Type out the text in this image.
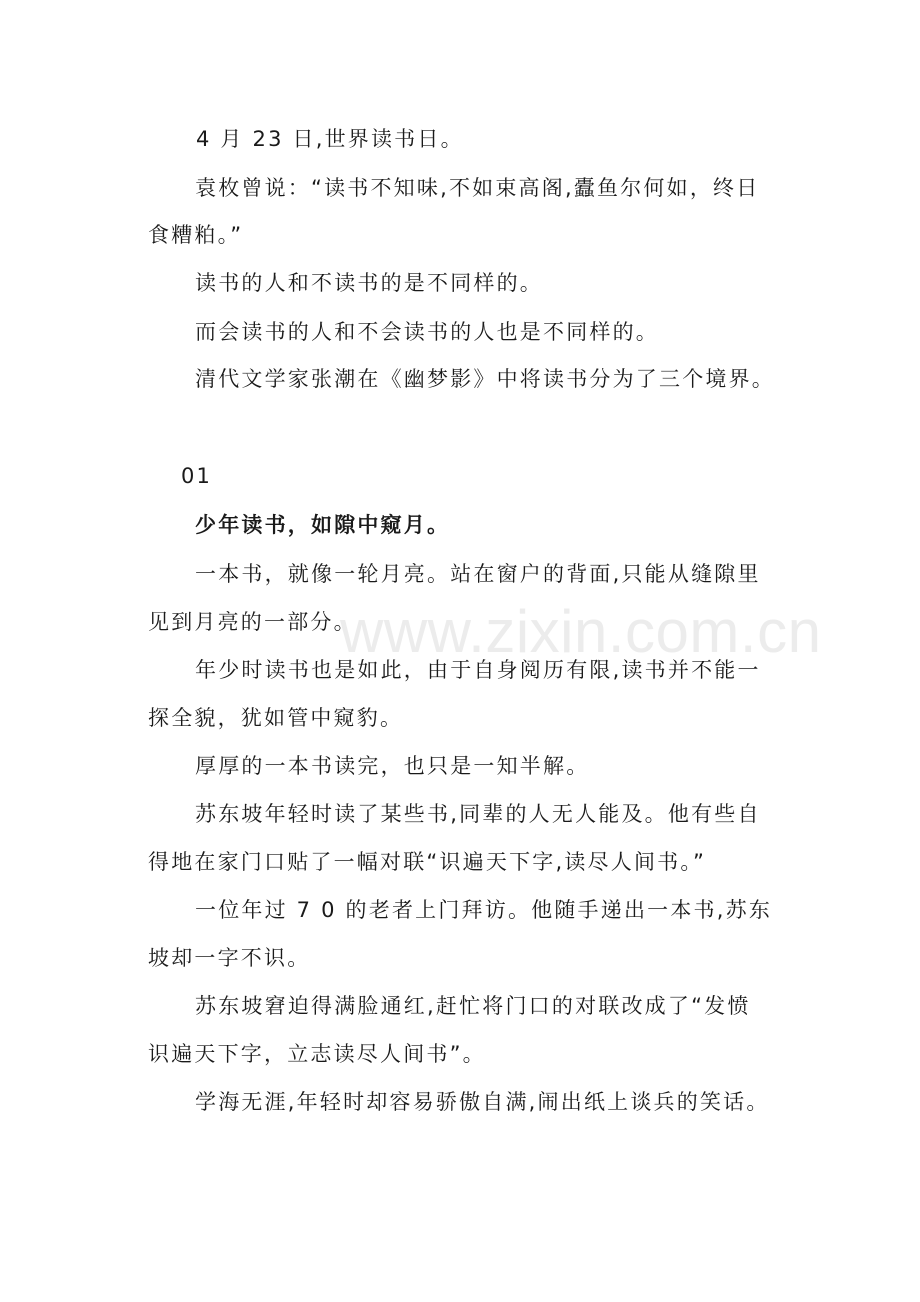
www.zixin.com.cn
4 月 23 日,世界读书日。
袁枚曾说：“读书不知味,不如束高阁,蠹鱼尔何如，终日
食糟粕。”
读书的人和不读书的是不同样的。
而会读书的人和不会读书的人也是不同样的。
清代文学家张潮在《幽梦影》中将读书分为了三个境界。
01
少年读书，如隙中窥月。
一本书，就像一轮月亮。站在窗户的背面,只能从缝隙里
见到月亮的一部分。
年少时读书也是如此，由于自身阅历有限,读书并不能一
探全貌，犹如管中窥豹。
厚厚的一本书读完，也只是一知半解。
苏东坡年轻时读了某些书,同辈的人无人能及。他有些自
得地在家门口贴了一幅对联“识遍天下字,读尽人间书。”
一位年过 7 0 的老者上门拜访。他随手递出一本书,苏东
坡却一字不识。
苏东坡窘迫得满脸通红,赶忙将门口的对联改成了“发愤
识遍天下字，立志读尽人间书”。
学海无涯,年轻时却容易骄傲自满,闹出纸上谈兵的笑话。
